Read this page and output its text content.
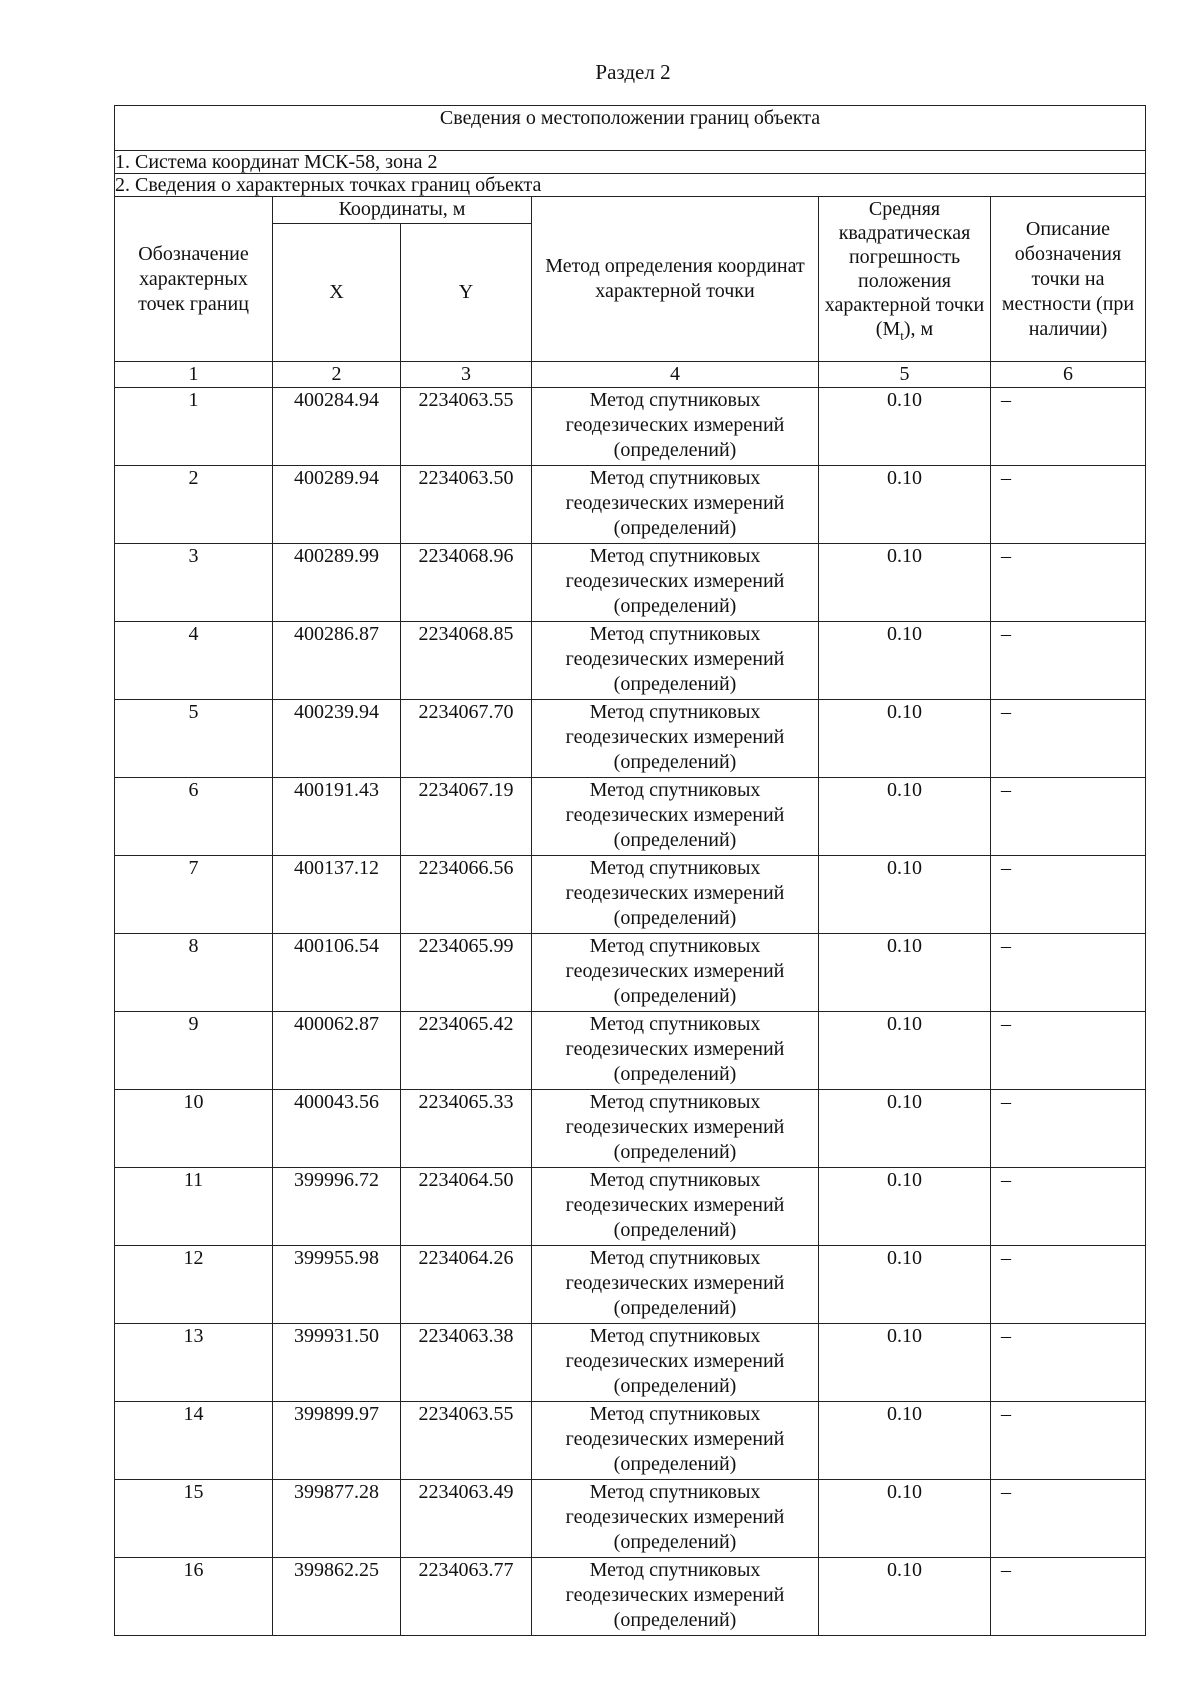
Раздел 2
Сведения о местоположении границ объекта					
1. Система координат МСК-58, зона 2					
2. Сведения о характерных точках границ объекта					
Обозначение характерных точек границ	Координаты, м		Метод определения координат характерной точки	Средняя квадратическая погрешность положения характерной точки $(M_t)$, м	Описание обозначения точки на местности (при наличии)
	X	Y			
1	2	3	4	5	6
1	400284.94	2234063.55	Метод спутниковых геодезических измерений (определений)	0.10	–
2	400289.94	2234063.50	Метод спутниковых геодезических измерений (определений)	0.10	–
3	400289.99	2234068.96	Метод спутниковых геодезических измерений (определений)	0.10	–
4	400286.87	2234068.85	Метод спутниковых геодезических измерений (определений)	0.10	–
5	400239.94	2234067.70	Метод спутниковых геодезических измерений (определений)	0.10	–
6	400191.43	2234067.19	Метод спутниковых геодезических измерений (определений)	0.10	–
7	400137.12	2234066.56	Метод спутниковых геодезических измерений (определений)	0.10	–
8	400106.54	2234065.99	Метод спутниковых геодезических измерений (определений)	0.10	–
9	400062.87	2234065.42	Метод спутниковых геодезических измерений (определений)	0.10	–
10	400043.56	2234065.33	Метод спутниковых геодезических измерений (определений)	0.10	–
11	399996.72	2234064.50	Метод спутниковых геодезических измерений (определений)	0.10	–
12	399955.98	2234064.26	Метод спутниковых геодезических измерений (определений)	0.10	–
13	399931.50	2234063.38	Метод спутниковых геодезических измерений (определений)	0.10	–
14	399899.97	2234063.55	Метод спутниковых геодезических измерений (определений)	0.10	–
15	399877.28	2234063.49	Метод спутниковых геодезических измерений (определений)	0.10	–
16	399862.25	2234063.77	Метод спутниковых геодезических измерений (определений)	0.10	–
